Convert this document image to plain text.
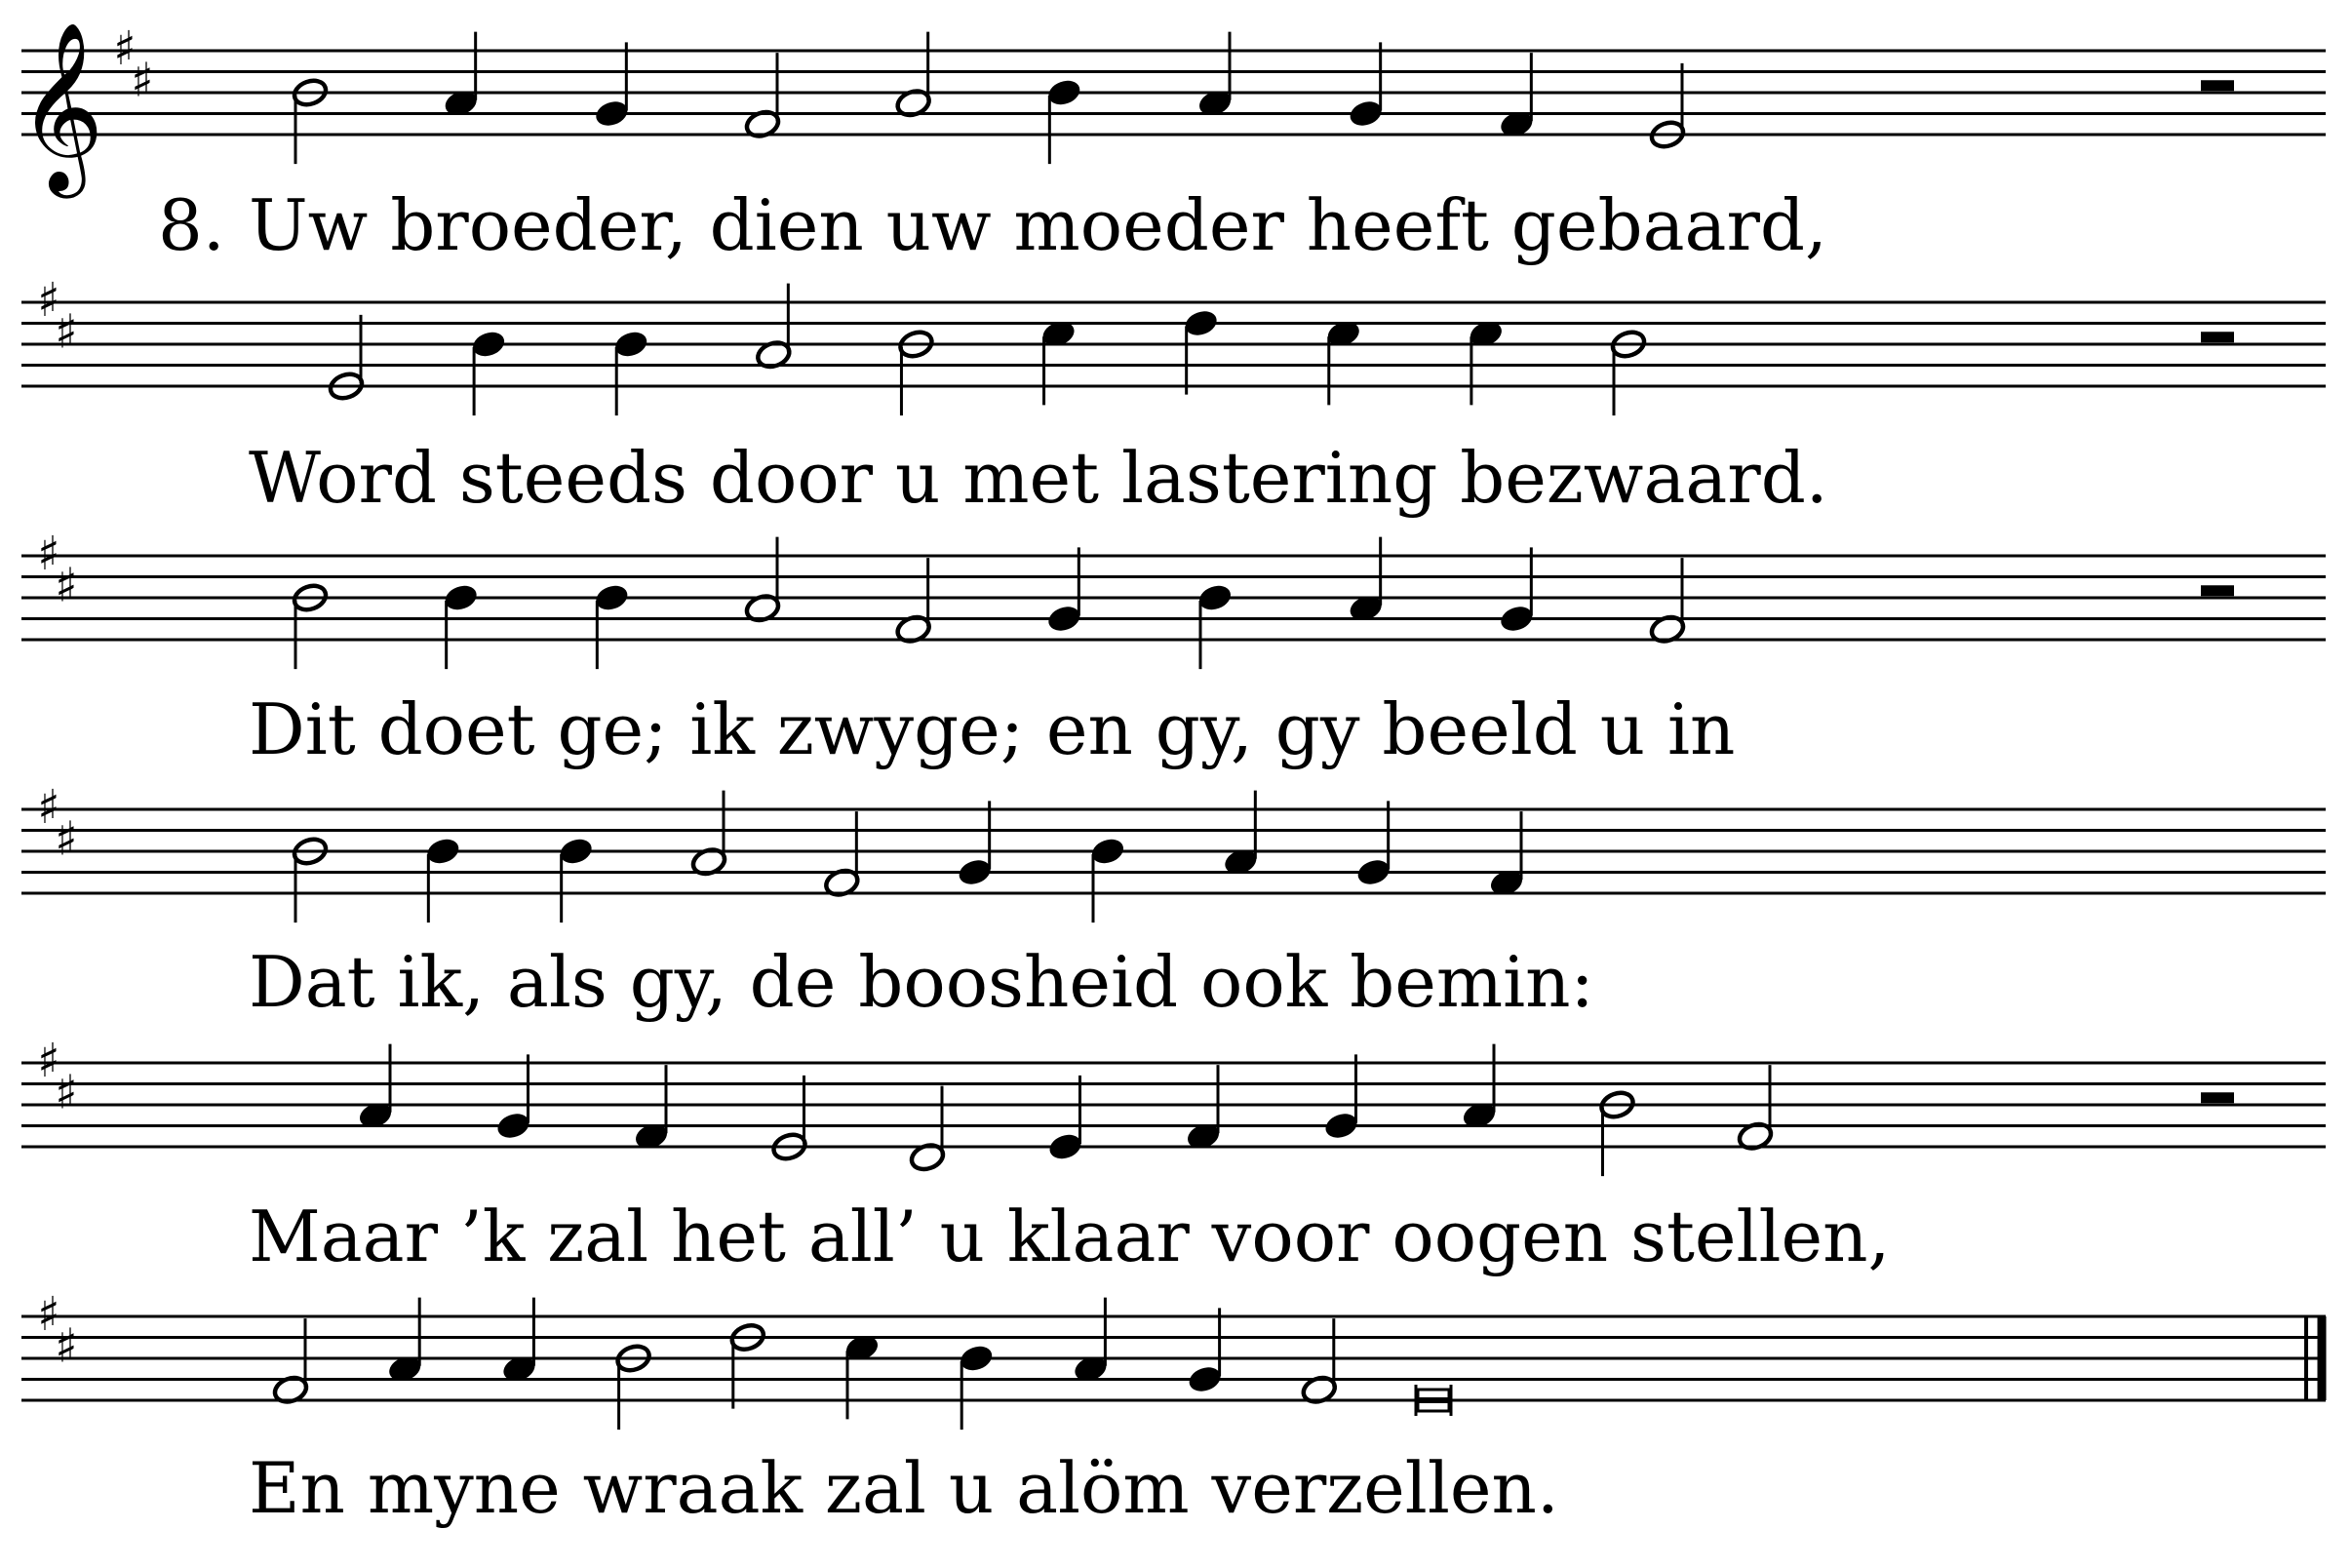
𝄞 ♯
♯
♯
♯
♯
♯
♯
♯
♯
♯
♯
♯
8. Uw broeder, dien uw moeder heeft gebaard,
Word steeds door u met lastering bezwaard.
Dit doet ge; ik zwyge; en gy, gy beeld u in
Dat ik, als gy, de boosheid ook bemin:
Maar ’k zal het all’ u klaar voor oogen stellen,
En myne wraak zal u alöm verzellen.
